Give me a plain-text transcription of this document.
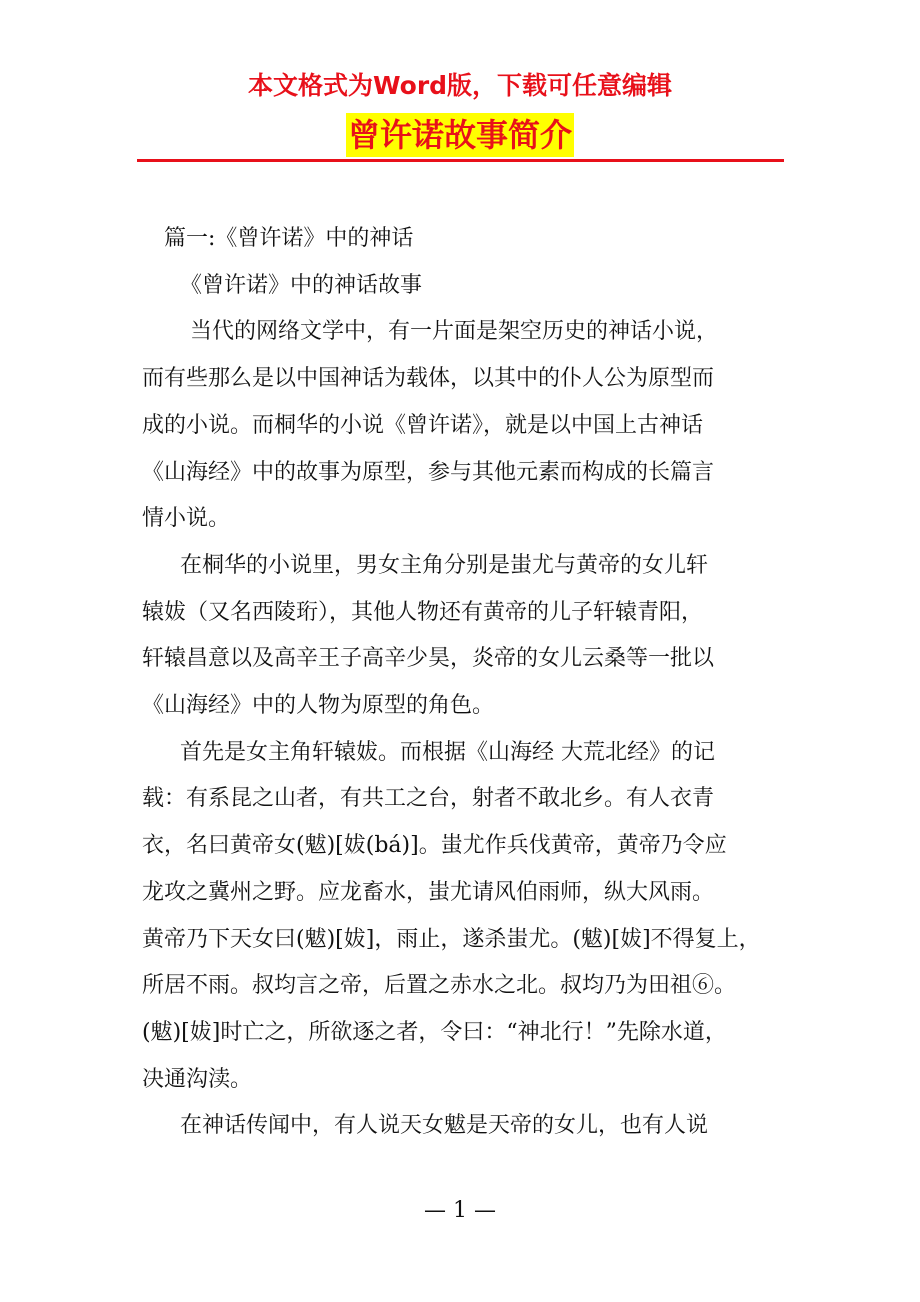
本文格式为Word版，下载可任意编辑

曾许诺故事简介
篇一:《曾许诺》中的神话
《曾许诺》中的神话故事
当代的网络文学中，有一片面是架空历史的神话小说，
而有些那么是以中国神话为载体，以其中的仆人公为原型而
成的小说。而桐华的小说《曾许诺》，就是以中国上古神话
《山海经》中的故事为原型，参与其他元素而构成的长篇言
情小说。
在桐华的小说里，男女主角分别是蚩尤与黄帝的女儿轩
辕妭（又名西陵珩），其他人物还有黄帝的儿子轩辕青阳，
轩辕昌意以及高辛王子高辛少昊，炎帝的女儿云桑等一批以
《山海经》中的人物为原型的角色。
首先是女主角轩辕妭。而根据《山海经 大荒北经》的记
载：有系昆之山者，有共工之台，射者不敢北乡。有人衣青
衣，名曰黄帝女(魃)[妭(bá)]。蚩尤作兵伐黄帝，黄帝乃令应
龙攻之冀州之野。应龙畜水，蚩尤请风伯雨师，纵大风雨。
黄帝乃下天女曰(魃)[妭]，雨止，遂杀蚩尤。(魃)[妭]不得复上，
所居不雨。叔均言之帝，后置之赤水之北。叔均乃为田祖⑥。
(魃)[妭]时亡之，所欲逐之者，令曰：“神北行！”先除水道，
决通沟渎。
在神话传闻中，有人说天女魃是天帝的女儿，也有人说
— 1 —
